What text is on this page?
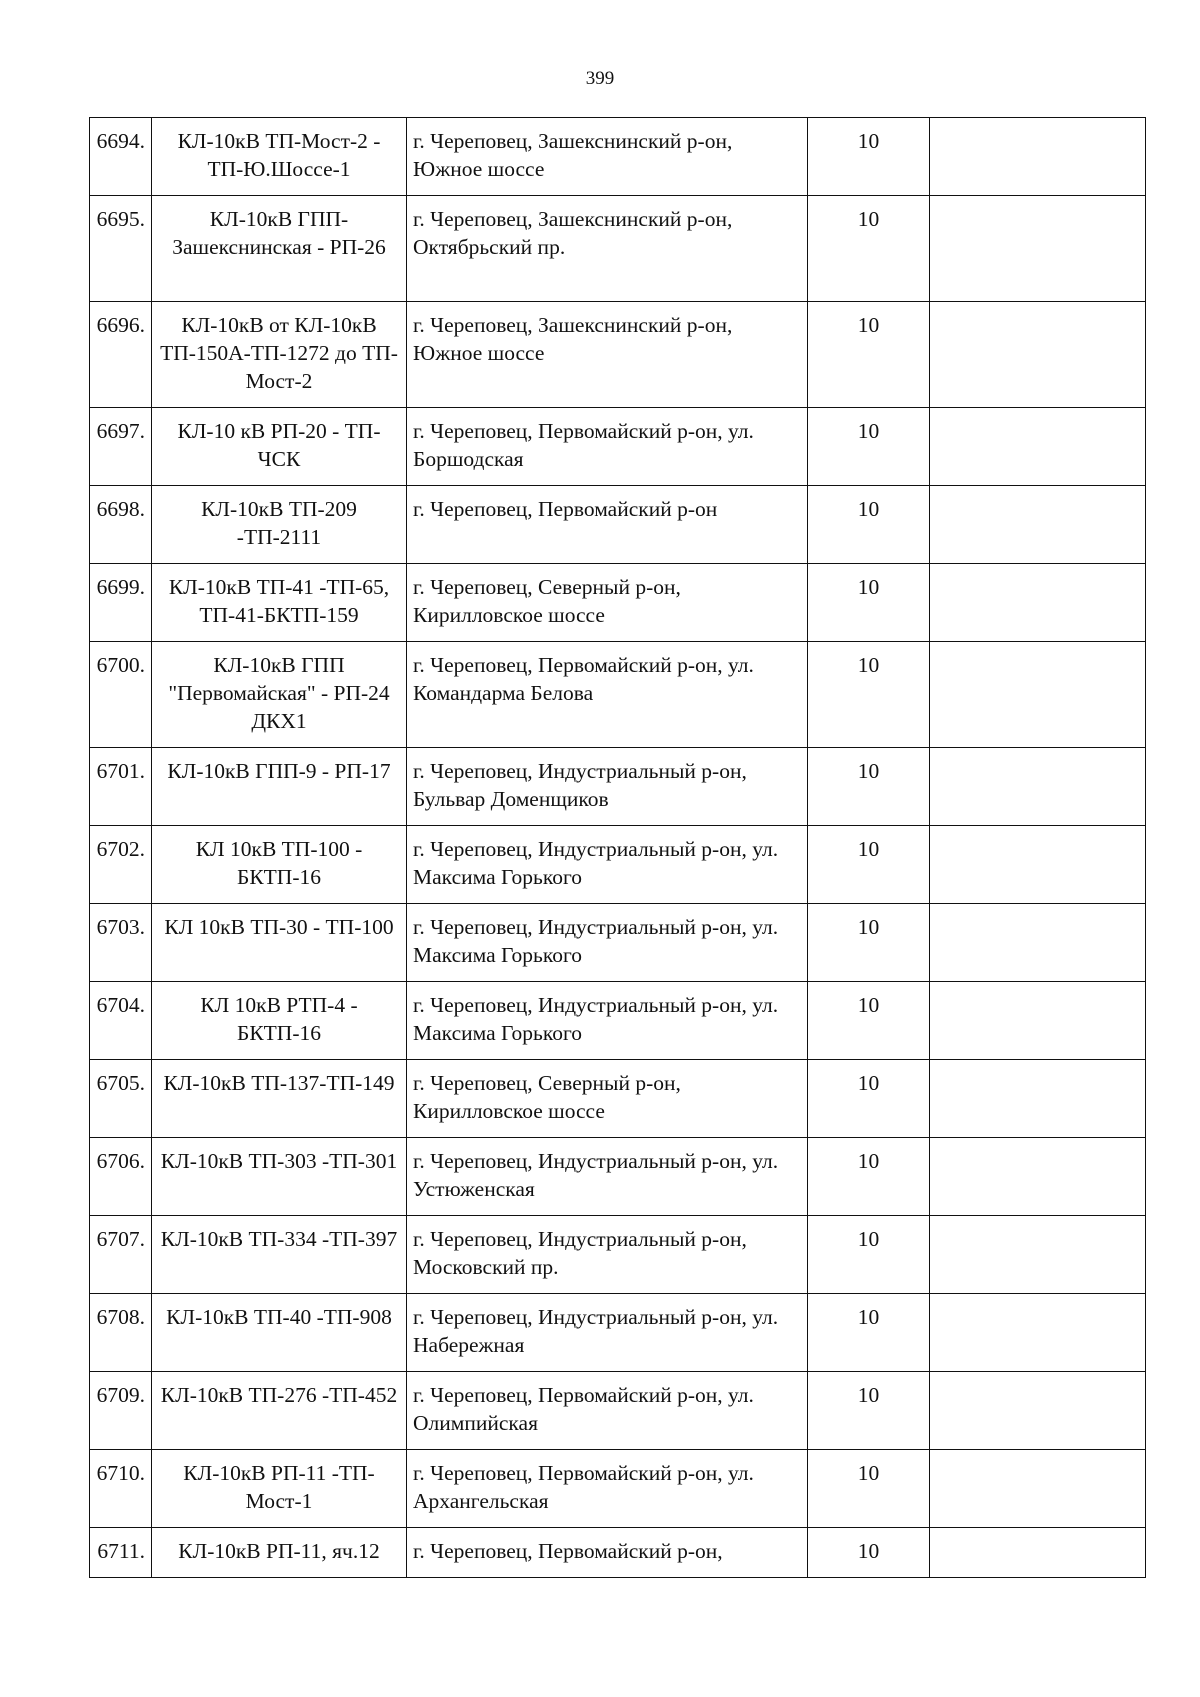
399
6694.	КЛ-10кВ ТП-Мост-2 - ТП-Ю.Шоссе-1	г. Череповец, Зашекснинский р-он, Южное шоссе	10	
6695.	КЛ-10кВ ГПП-Зашекснинская - РП-26	г. Череповец, Зашекснинский р-он, Октябрьский пр.	10	
6696.	КЛ-10кВ от КЛ-10кВ ТП-150А-ТП-1272 до ТП-Мост-2	г. Череповец, Зашекснинский р-он, Южное шоссе	10	
6697.	КЛ-10 кВ РП-20 - ТП-ЧСК	г. Череповец, Первомайский р-он, ул. Боршодская	10	
6698.	КЛ-10кВ ТП-209 -ТП-2111	г. Череповец, Первомайский р-он	10	
6699.	КЛ-10кВ ТП-41 -ТП-65, ТП-41-БКТП-159	г. Череповец, Северный р-он, Кирилловское шоссе	10	
6700.	КЛ-10кВ ГПП "Первомайская" - РП-24 ДКХ1	г. Череповец, Первомайский р-он, ул. Командарма Белова	10	
6701.	КЛ-10кВ ГПП-9 - РП-17	г. Череповец, Индустриальный р-он, Бульвар Доменщиков	10	
6702.	КЛ 10кВ ТП-100 - БКТП-16	г. Череповец, Индустриальный р-он, ул. Максима Горького	10	
6703.	КЛ 10кВ ТП-30 - ТП-100	г. Череповец, Индустриальный р-он, ул. Максима Горького	10	
6704.	КЛ 10кВ РТП-4 - БКТП-16	г. Череповец, Индустриальный р-он, ул. Максима Горького	10	
6705.	КЛ-10кВ ТП-137-ТП-149	г. Череповец, Северный р-он, Кирилловское шоссе	10	
6706.	КЛ-10кВ ТП-303 -ТП-301	г. Череповец, Индустриальный р-он, ул. Устюженская	10	
6707.	КЛ-10кВ ТП-334 -ТП-397	г. Череповец, Индустриальный р-он, Московский пр.	10	
6708.	КЛ-10кВ ТП-40 -ТП-908	г. Череповец, Индустриальный р-он, ул. Набережная	10	
6709.	КЛ-10кВ ТП-276 -ТП-452	г. Череповец, Первомайский р-он, ул. Олимпийская	10	
6710.	КЛ-10кВ РП-11 -ТП-Мост-1	г. Череповец, Первомайский р-он, ул. Архангельская	10	
6711.	КЛ-10кВ РП-11, яч.12	г. Череповец, Первомайский р-он,	10	
